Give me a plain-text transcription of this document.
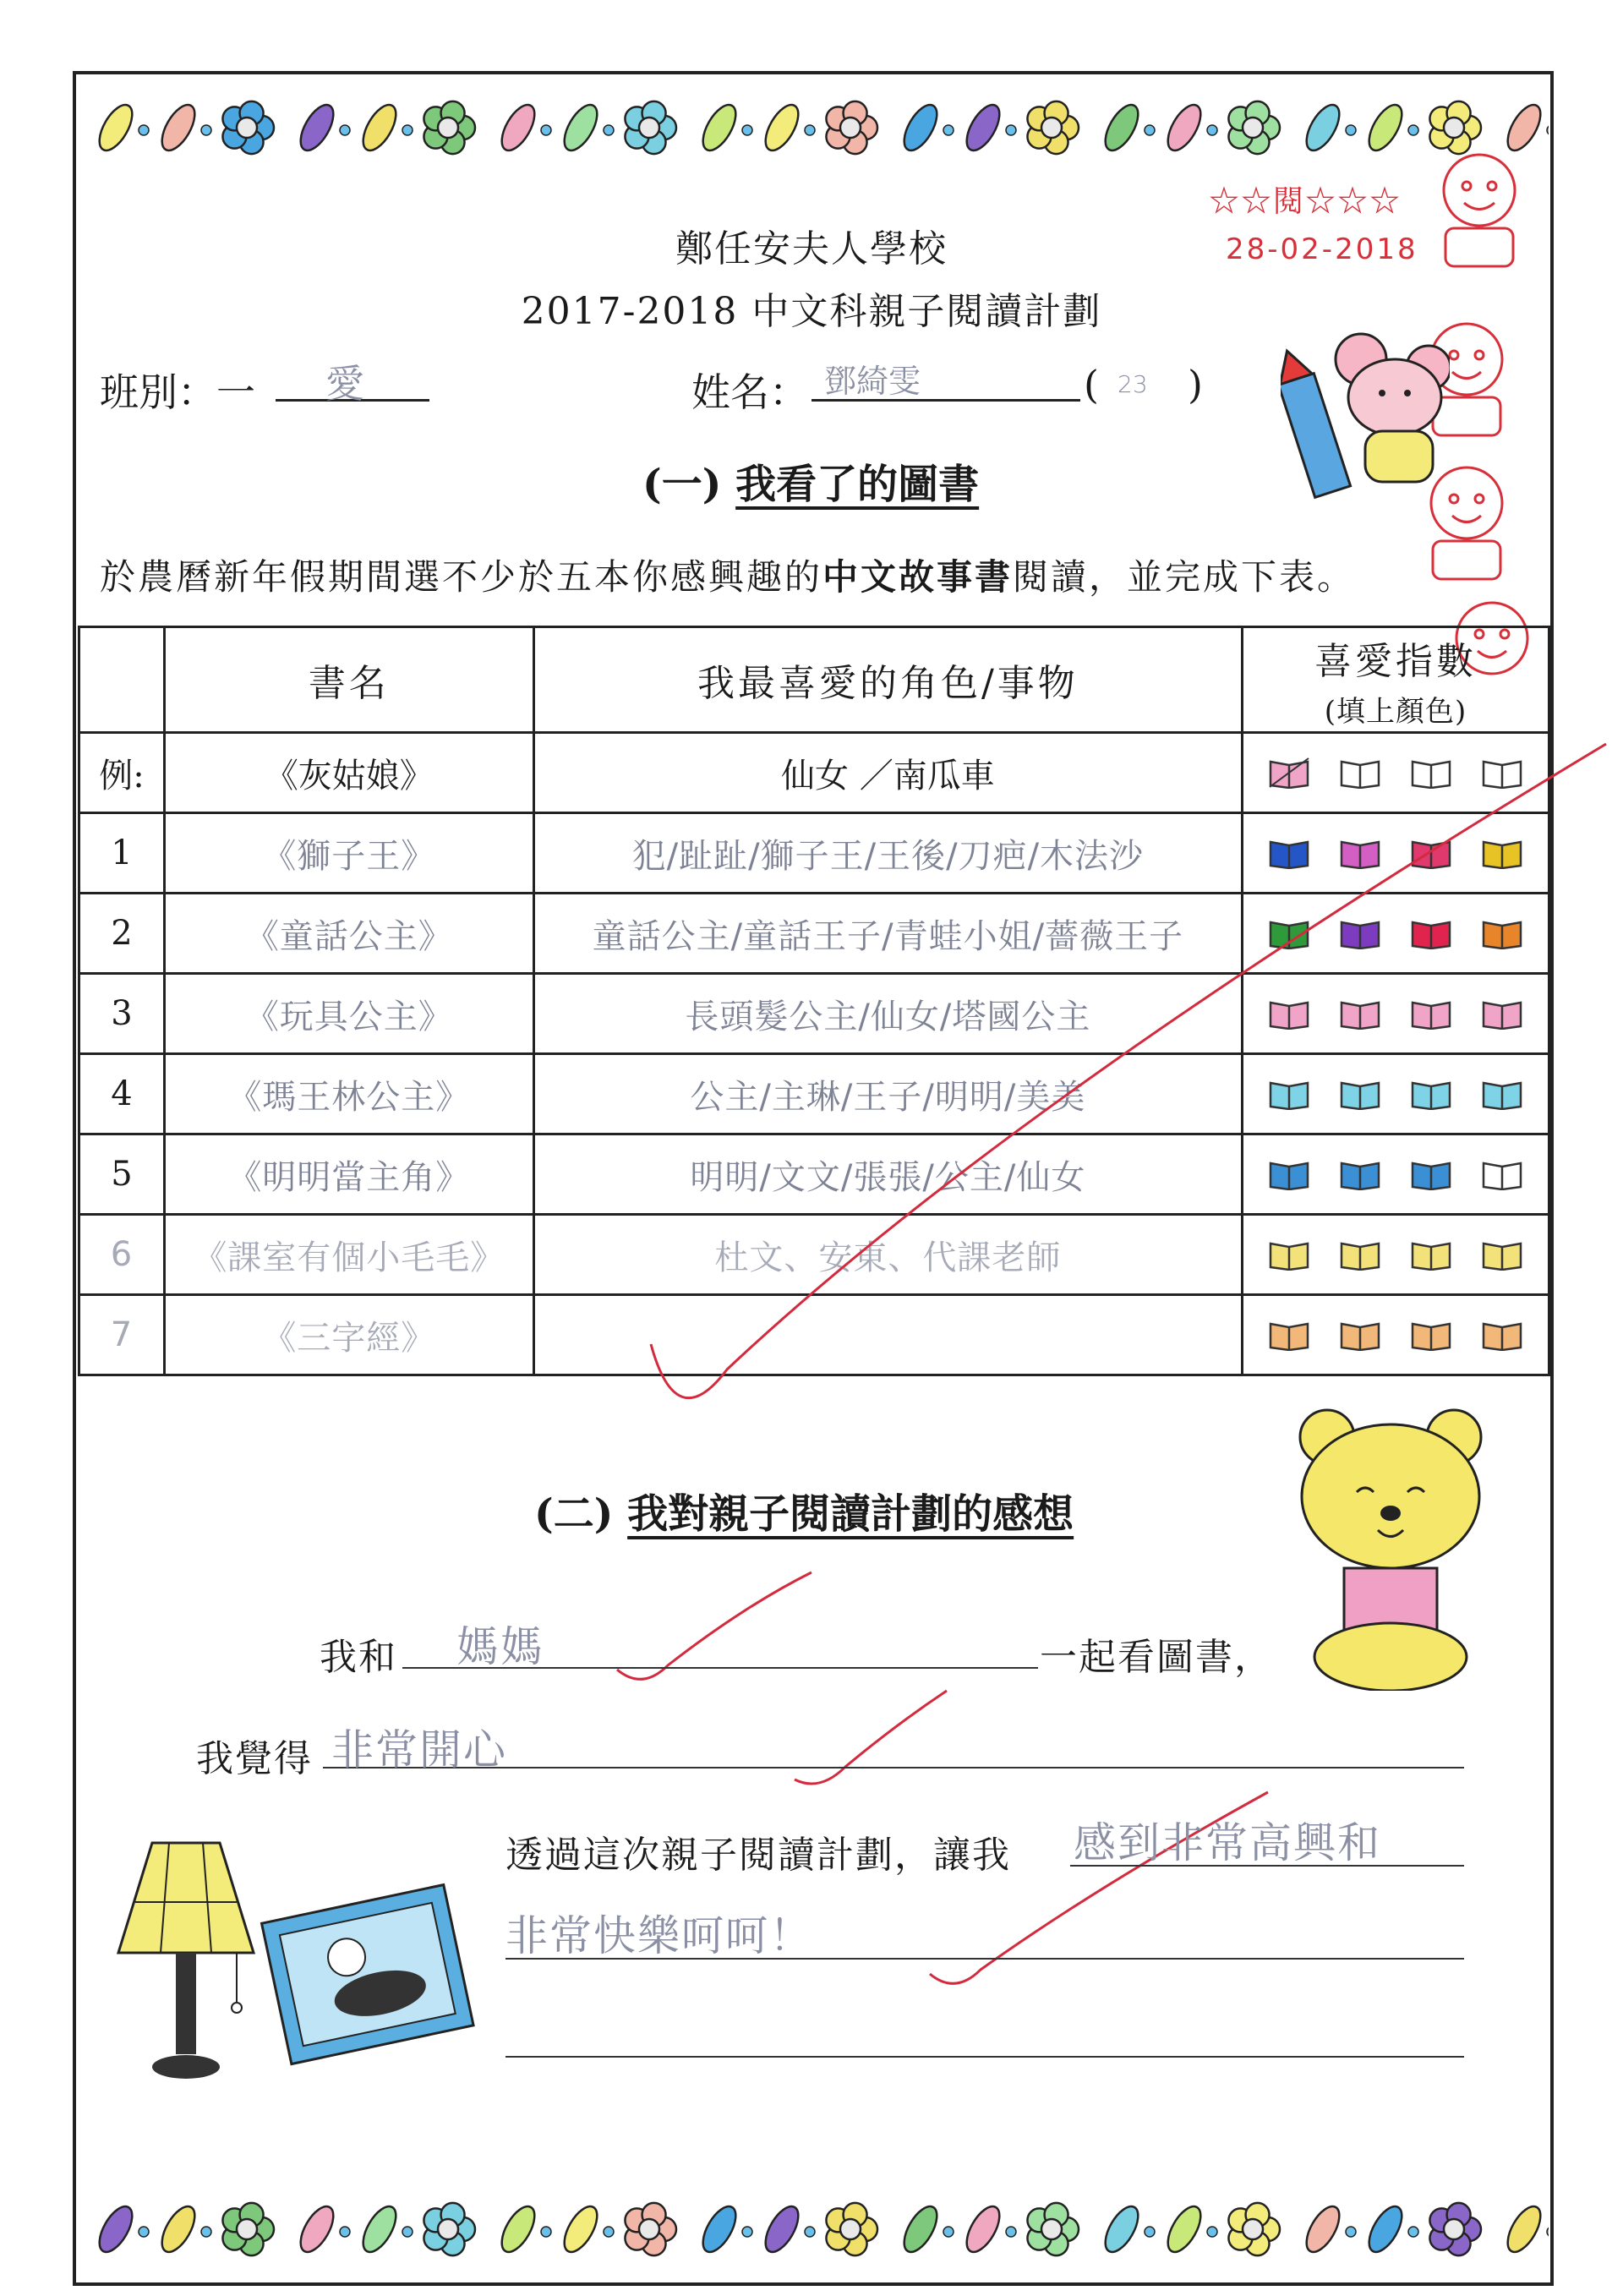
鄭任安夫人學校
2017-2018 中文科親子閱讀計劃
☆☆閱☆☆☆
28-02-2018
班別：一 愛	姓名： 鄧綺雯	( 23 )
(一) 我看了的圖書
於農曆新年假期間選不少於五本你感興趣的中文故事書閱讀，並完成下表。
	書名	我最喜愛的角色/事物	喜愛指數
(填上顏色)

例:	《灰姑娘》	仙女 ／南瓜車	

1	《獅子王》	犯/趾趾/獅子王/王後/刀疤/木法沙	

2	《童話公主》	童話公主/童話王子/青蛙小姐/薔薇王子	

3	《玩具公主》	長頭髮公主/仙女/塔國公主	

4	《瑪王林公主》	公主/主琳/王子/明明/美美	

5	《明明當主角》	明明/文文/張張/公主/仙女	

6	《課室有個小毛毛》	杜文、安東、代課老師	

7	《三字經》		
(二) 我對親子閱讀計劃的感想
我和 媽媽	一起看圖書，
我覺得 非常開心
透過這次親子閱讀計劃，讓我 感到非常高興和
非常快樂呵呵！
